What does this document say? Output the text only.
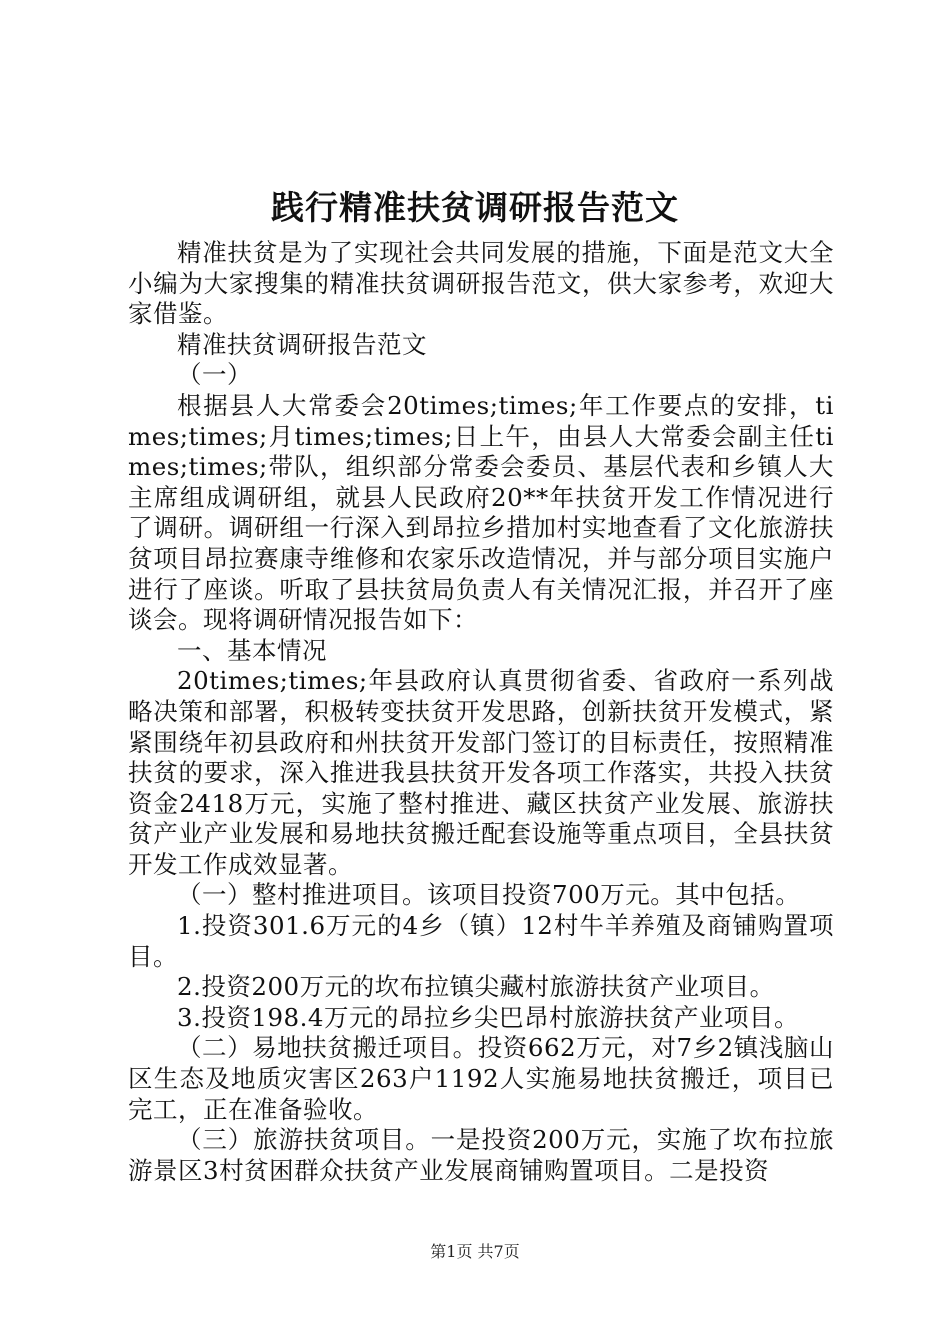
践行精准扶贫调研报告范文

精准扶贫是为了实现社会共同发展的措施，下面是范文大全小编为大家搜集的精准扶贫调研报告范文，供大家参考，欢迎大家借鉴。

精准扶贫调研报告范文

（一）

根据县人大常委会20times;times;年工作要点的安排，times;times;月times;times;日上午，由县人大常委会副主任times;times;带队，组织部分常委会委员、基层代表和乡镇人大主席组成调研组，就县人民政府20**年扶贫开发工作情况进行了调研。调研组一行深入到昂拉乡措加村实地查看了文化旅游扶贫项目昂拉赛康寺维修和农家乐改造情况，并与部分项目实施户进行了座谈。听取了县扶贫局负责人有关情况汇报，并召开了座谈会。现将调研情况报告如下：

一、基本情况

20times;times;年县政府认真贯彻省委、省政府一系列战略决策和部署，积极转变扶贫开发思路，创新扶贫开发模式，紧紧围绕年初县政府和州扶贫开发部门签订的目标责任，按照精准扶贫的要求，深入推进我县扶贫开发各项工作落实，共投入扶贫资金2418万元，实施了整村推进、藏区扶贫产业发展、旅游扶贫产业产业发展和易地扶贫搬迁配套设施等重点项目，全县扶贫开发工作成效显著。

（一）整村推进项目。该项目投资700万元。其中包括。

1.投资301.6万元的4乡（镇）12村牛羊养殖及商铺购置项目。

2.投资200万元的坎布拉镇尖藏村旅游扶贫产业项目。

3.投资198.4万元的昂拉乡尖巴昂村旅游扶贫产业项目。

（二）易地扶贫搬迁项目。投资662万元，对7乡2镇浅脑山区生态及地质灾害区263户1192人实施易地扶贫搬迁，项目已完工，正在准备验收。

（三）旅游扶贫项目。一是投资200万元，实施了坎布拉旅游景区3村贫困群众扶贫产业发展商铺购置项目。二是投资

第1页 共7页
